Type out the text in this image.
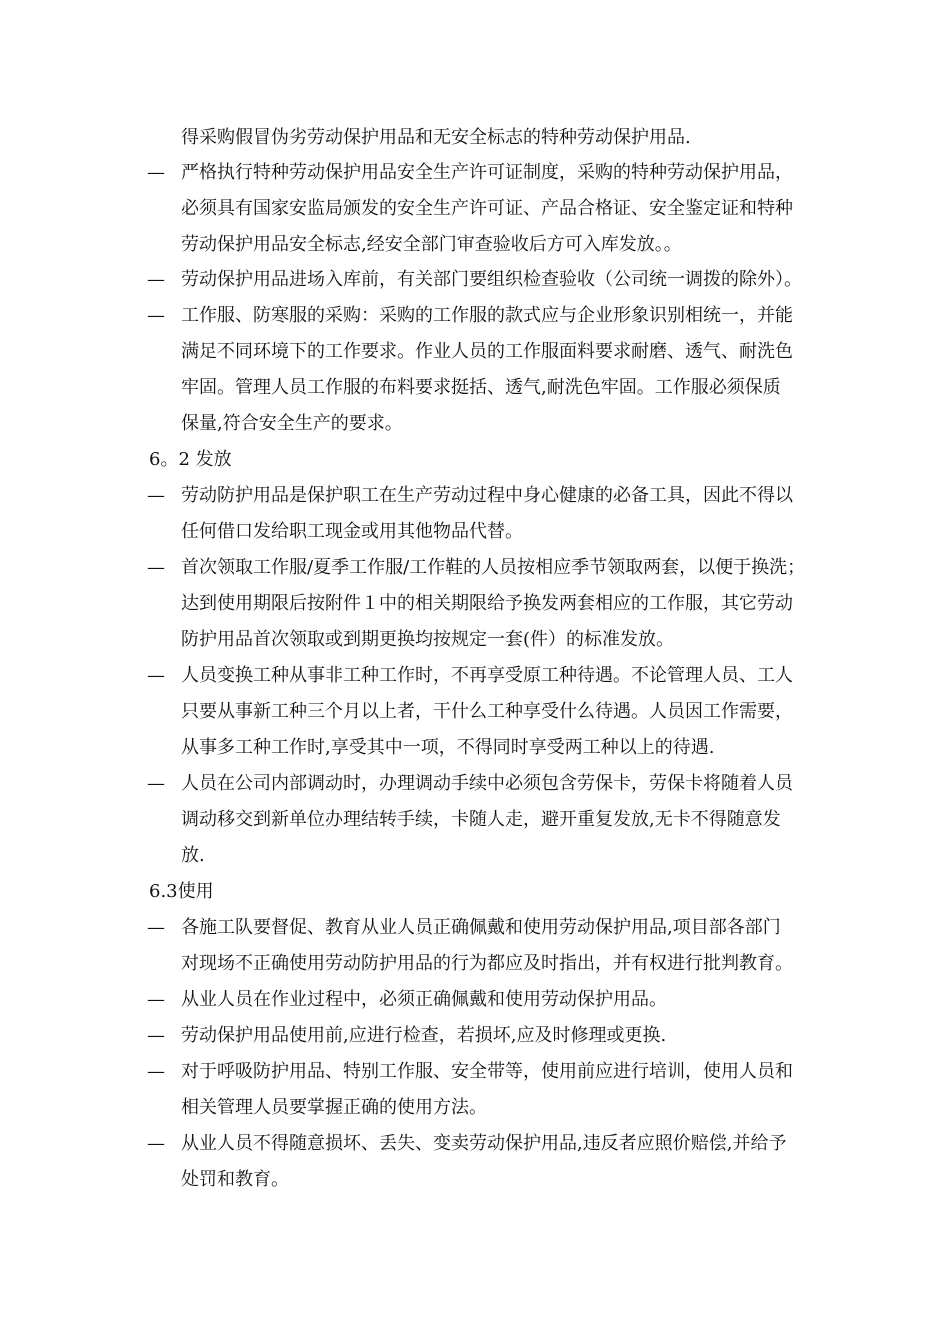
得采购假冒伪劣劳动保护用品和无安全标志的特种劳动保护用品.
— 严格执行特种劳动保护用品安全生产许可证制度，采购的特种劳动保护用品，
必须具有国家安监局颁发的安全生产许可证、产品合格证、安全鉴定证和特种
劳动保护用品安全标志,经安全部门审查验收后方可入库发放。。
— 劳动保护用品进场入库前，有关部门要组织检查验收（公司统一调拨的除外）。
— 工作服、防寒服的采购：采购的工作服的款式应与企业形象识别相统一，并能
满足不同环境下的工作要求。作业人员的工作服面料要求耐磨、透气、耐洗色
牢固。管理人员工作服的布料要求挺括、透气,耐洗色牢固。工作服必须保质
保量,符合安全生产的要求。
6。2 发放
— 劳动防护用品是保护职工在生产劳动过程中身心健康的必备工具，因此不得以
任何借口发给职工现金或用其他物品代替。
— 首次领取工作服/夏季工作服/工作鞋的人员按相应季节领取两套，以便于换洗；
达到使用期限后按附件１中的相关期限给予换发两套相应的工作服，其它劳动
防护用品首次领取或到期更换均按规定一套(件）的标准发放。
— 人员变换工种从事非工种工作时，不再享受原工种待遇。不论管理人员、工人
只要从事新工种三个月以上者，干什么工种享受什么待遇。人员因工作需要，
从事多工种工作时,享受其中一项，不得同时享受两工种以上的待遇.
— 人员在公司内部调动时，办理调动手续中必须包含劳保卡，劳保卡将随着人员
调动移交到新单位办理结转手续，卡随人走，避开重复发放,无卡不得随意发
放.
6.3使用
— 各施工队要督促、教育从业人员正确佩戴和使用劳动保护用品,项目部各部门
对现场不正确使用劳动防护用品的行为都应及时指出，并有权进行批判教育。
— 从业人员在作业过程中，必须正确佩戴和使用劳动保护用品。
— 劳动保护用品使用前,应进行检查，若损坏,应及时修理或更换.
— 对于呼吸防护用品、特别工作服、安全带等，使用前应进行培训，使用人员和
相关管理人员要掌握正确的使用方法。
— 从业人员不得随意损坏、丢失、变卖劳动保护用品,违反者应照价赔偿,并给予
处罚和教育。
